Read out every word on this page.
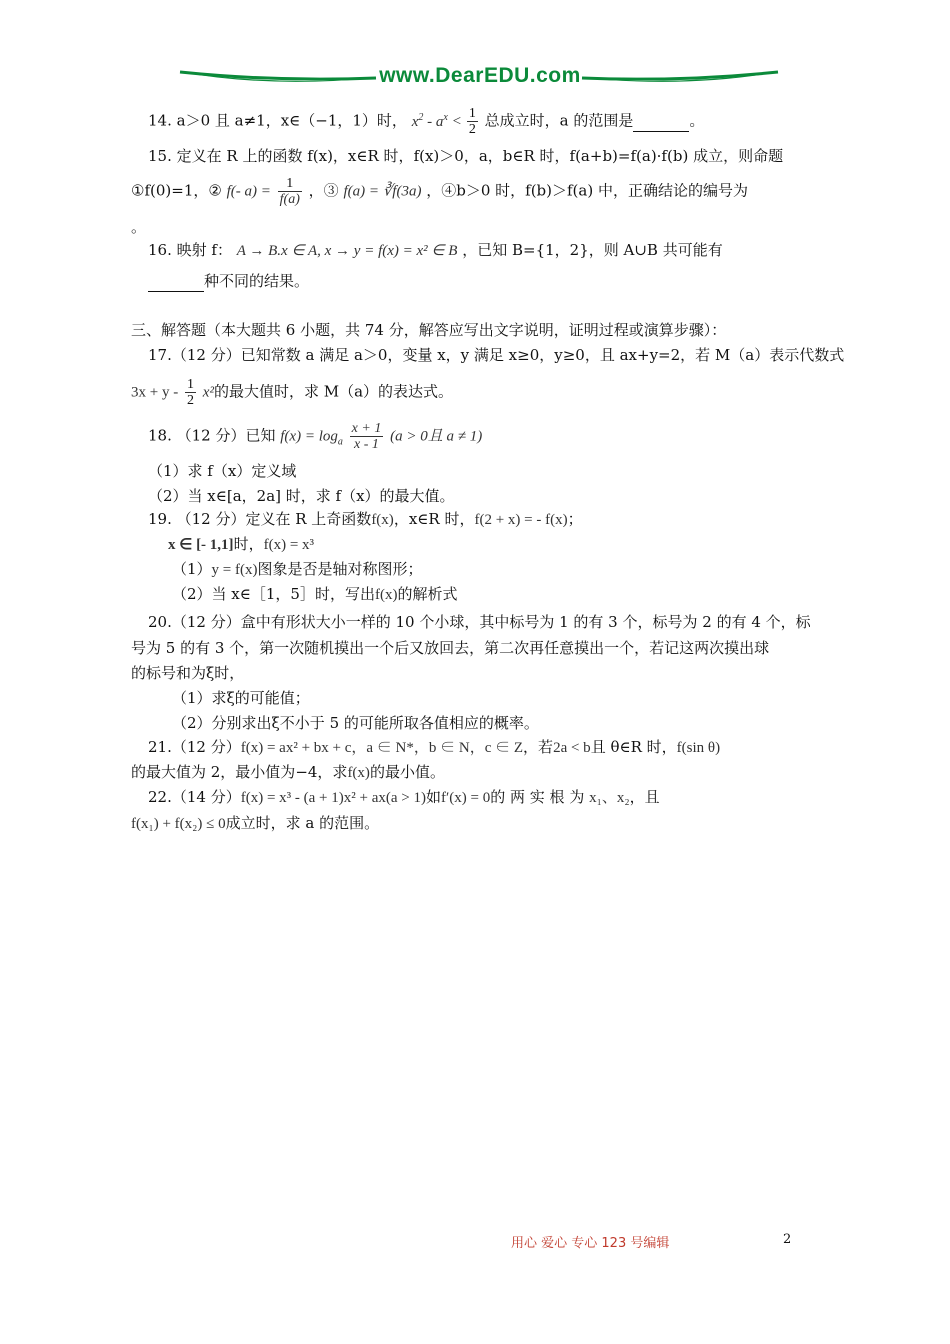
www.DearEDU.com
14. a＞0 且 a≠1，x∈（−1，1）时， $x^2 - a^x < \frac{1}{2}$ 总成立时，a 的范围是	。
15. 定义在 R 上的函数 f(x)，x∈R 时，f(x)＞0，a，b∈R 时，f(a+b)=f(a)·f(b) 成立，则命题
①f(0)=1，② f(- $a) = \frac{1}{f(a)}$ ，③ f(a) = ∛f(3a) ，④b＞0 时，f(b)＞f(a) 中，正确结论的编号为
。
16. 映射 f： A → B.x ∈ A, x → y = f(x) = x² ∈ B ，已知 B={1，2}，则 A∪B 共可能有
种不同的结果。
三、解答题（本大题共 6 小题，共 74 分，解答应写出文字说明，证明过程或演算步骤）：
17.（12 分）已知常数 a 满足 a＞0，变量 x，y 满足 x≥0，y≥0，且 ax+y=2，若 M（a）表示代数式
$3x + y - \frac{1}{2} x^2$的最大值时，求 M（a）的表达式。
18. （12 分）已知 $f(x) = \log_a \frac{x + 1}{x - 1} (a > 0$且 a ≠ 1)
（1）求 f（x）定义域
（2）当 x∈[a，2a] 时，求 f（x）的最大值。
19. （12 分）定义在 R 上奇函数f(x)，x∈R 时，f(2 + x) = - f(x)；
x ∈ [- 1,1]时，f(x) = x³
（1）y = f(x)图象是否是轴对称图形；
（2）当 x∈［1，5］时，写出f(x)的解析式
20.（12 分）盒中有形状大小一样的 10 个小球，其中标号为 1 的有 3 个，标号为 2 的有 4 个，标
号为 5 的有 3 个，第一次随机摸出一个后又放回去，第二次再任意摸出一个，若记这两次摸出球
的标号和为ξ时，
（1）求ξ的可能值；
（2）分别求出ξ不小于 5 的可能所取各值相应的概率。
21.（12 分）f(x) = ax² + bx + c，a ∈ N*，b ∈ N，c ∈ Z，若2a < b且 θ∈R 时，f(sin θ)
的最大值为 2，最小值为−4，求f(x)的最小值。
22.（14 分）f(x) = x³ - (a + 1)x² + ax(a > 1)如f′(x) = 0的 两 实 根 为 x₁、x₂，且
f(x₁) + f(x₂) ≤ 0成立时，求 a 的范围。
用心 爱心 专心 123 号编辑	2
